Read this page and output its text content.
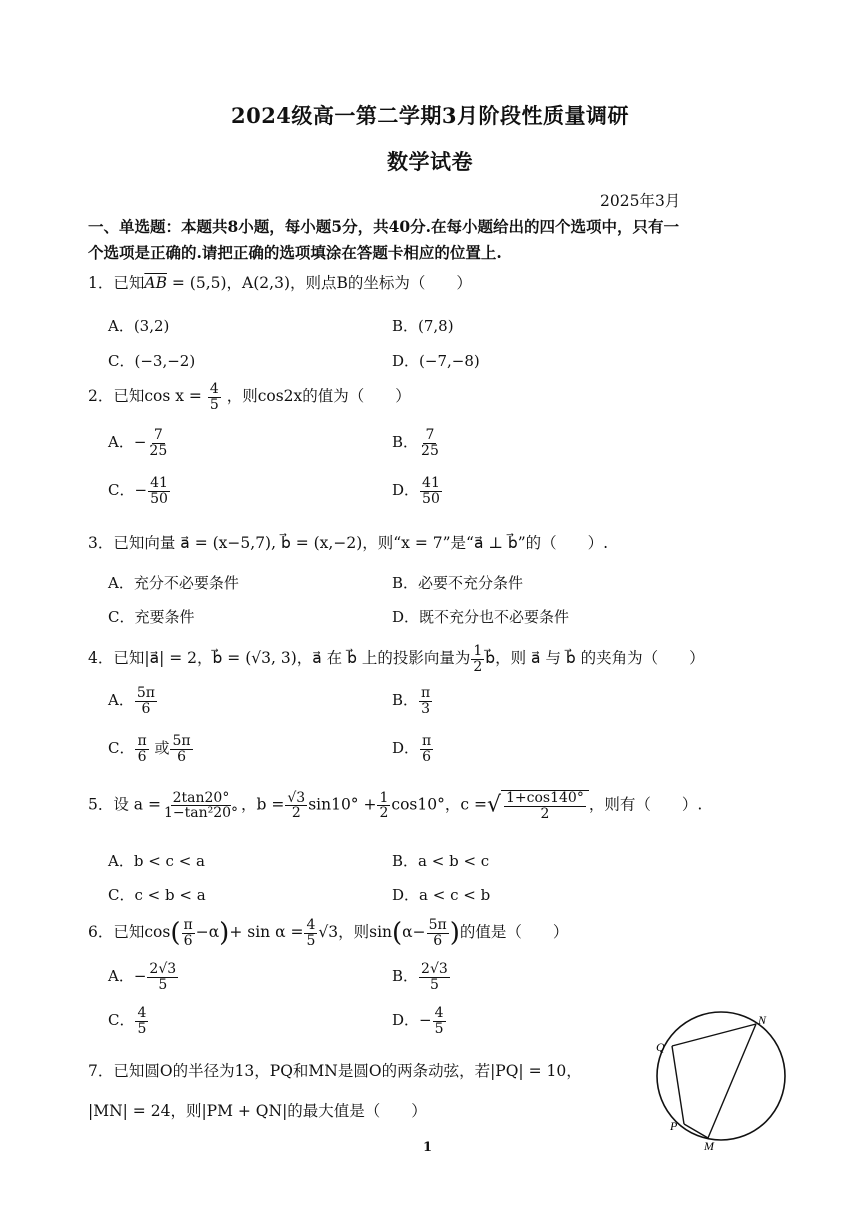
2024级高一第二学期3月阶段性质量调研
数学试卷
2025年3月
一、单选题：本题共8小题，每小题5分，共40分.在每小题给出的四个选项中，只有一
个选项是正确的.请把正确的选项填涂在答题卡相应的位置上.
1．已知$\overline{AB} = (5,5)$，A(2,3)，则点B的坐标为（　　）
A．(3,2)	B．(7,8)
C．(−3,−2)	D．(−7,−8)
2．已知$\cos x = \frac{4}{5}$ ，则cos2x的值为（　　）
A．− $\frac{7}{25}$	B． $\frac{7}{25}$
C．− $\frac{41}{50}$	D． $\frac{41}{50}$
3．已知向量 a⃗ = (x−5,7), b⃗ = (x,−2)，则“x = 7”是“a⃗ ⊥ b⃗”的（　　）.
A．充分不必要条件	B．必要不充分条件
C．充要条件	D．既不充分也不必要条件
4．已知|a⃗| = 2，b⃗ = (√3, 3)，a⃗ 在 b⃗ 上的投影向量为 $\frac{1}{2}$ b⃗，则 a⃗ 与 b⃗ 的夹角为（　　）
A． $\frac{5\pi}{6}$	B． $\frac{\pi}{3}$
C． $\frac{\pi}{6}$ 或 $\frac{5\pi}{6}$	D． $\frac{\pi}{6}$
5．设 $a = \frac{2\tan 20^\circ}{\text{1−tan²20°}}$ ，$b = \frac{√3}{2} \sin 10^\circ + \frac{1}{2} \cos 10^\circ$，c =√ $\frac{1+\cos 140^\circ}{2}$ ，则有（　　）.
A．b < c < a	B．a < b < c
C．c < b < a	D．a < c < b
6．已知$\cos( \frac{\pi}{6} -\alpha)+ \sin \alpha = \frac{4}{5} √3$，则$\sin(\alpha- \frac{5\pi}{6}$ )的值是（　　）
A．− $\frac{2√3}{5}$	B． $\frac{2√3}{5}$
C． $\frac{4}{5}$	D．− $\frac{4}{5}$
7．已知圆O的半径为13，PQ和MN是圆O的两条动弦，若|PQ| = 10，
|MN| = 24，则|PM + QN|的最大值是（　　）
N
Q
P
M
1
